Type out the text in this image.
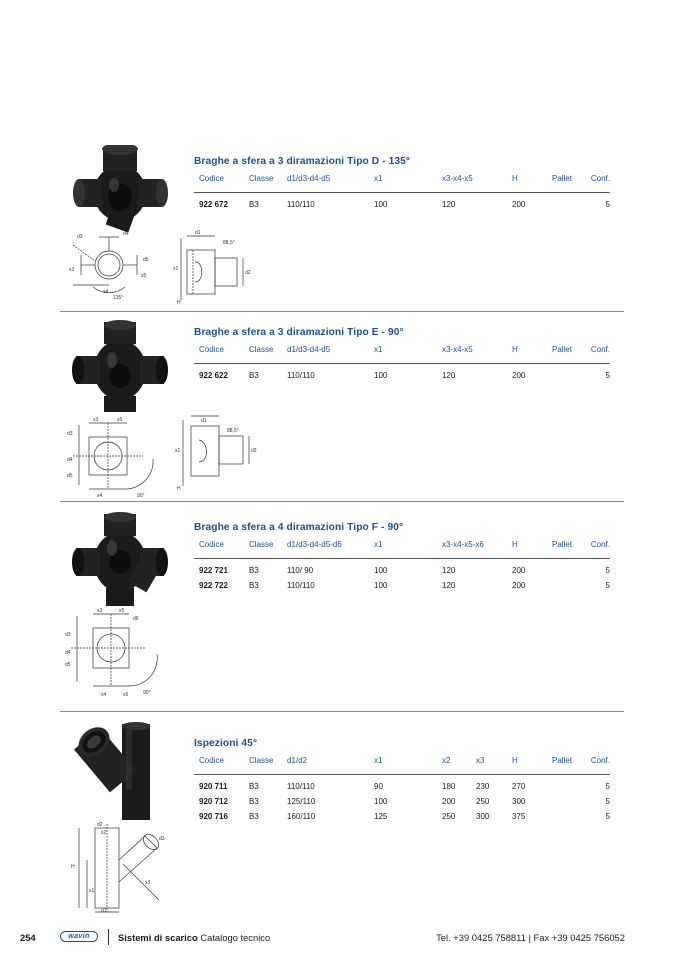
d3	d4
d5
x3
x4
x5
135°
d1
x1
d2
H
88,5°
Braghe a sfera a 3 diramazioni Tipo D - 135°
Codice	Classe	d1/d3-d4-d5	x1	x3-x4-x5	H	Pallet	Conf.
922 672	B3	110/110	100	120	200		5
d3
d4
d5
x3	x5
x4	90°
d1
x1	d2
H
88,5°
Braghe a sfera a 3 diramazioni Tipo E - 90°
Codice	Classe	d1/d3-d4-d5	x1	x3-x4-x5	H	Pallet	Conf.
922 622	B3	110/110	100	120	200		5
d3
d4
d5
d6
x3	x5
x4	x6	90°
Braghe a sfera a 4 diramazioni Tipo F - 90°
Codice	Classe	d1/d3-d4-d5-d6	x1	x3-x4-x5-x6	H	Pallet	Conf.
922 721	B3	110/ 90	100	120	200		5
922 722	B3	110/110	100	120	200		5
d2
x2
d3
x3
H
x1
d1
Ispezioni 45°
Codice	Classe	d1/d2	x1	x2	x3	H	Pallet	Conf.
920 711	B3	110/110	90	180	230	270		5
920 712	B3	125/110	100	200	250	300		5
920 716	B3	160/110	125	250	300	375		5
254	wavin	Sistemi di scarico Catalogo tecnico	Tel. +39 0425 758811 | Fax +39 0425 756052
